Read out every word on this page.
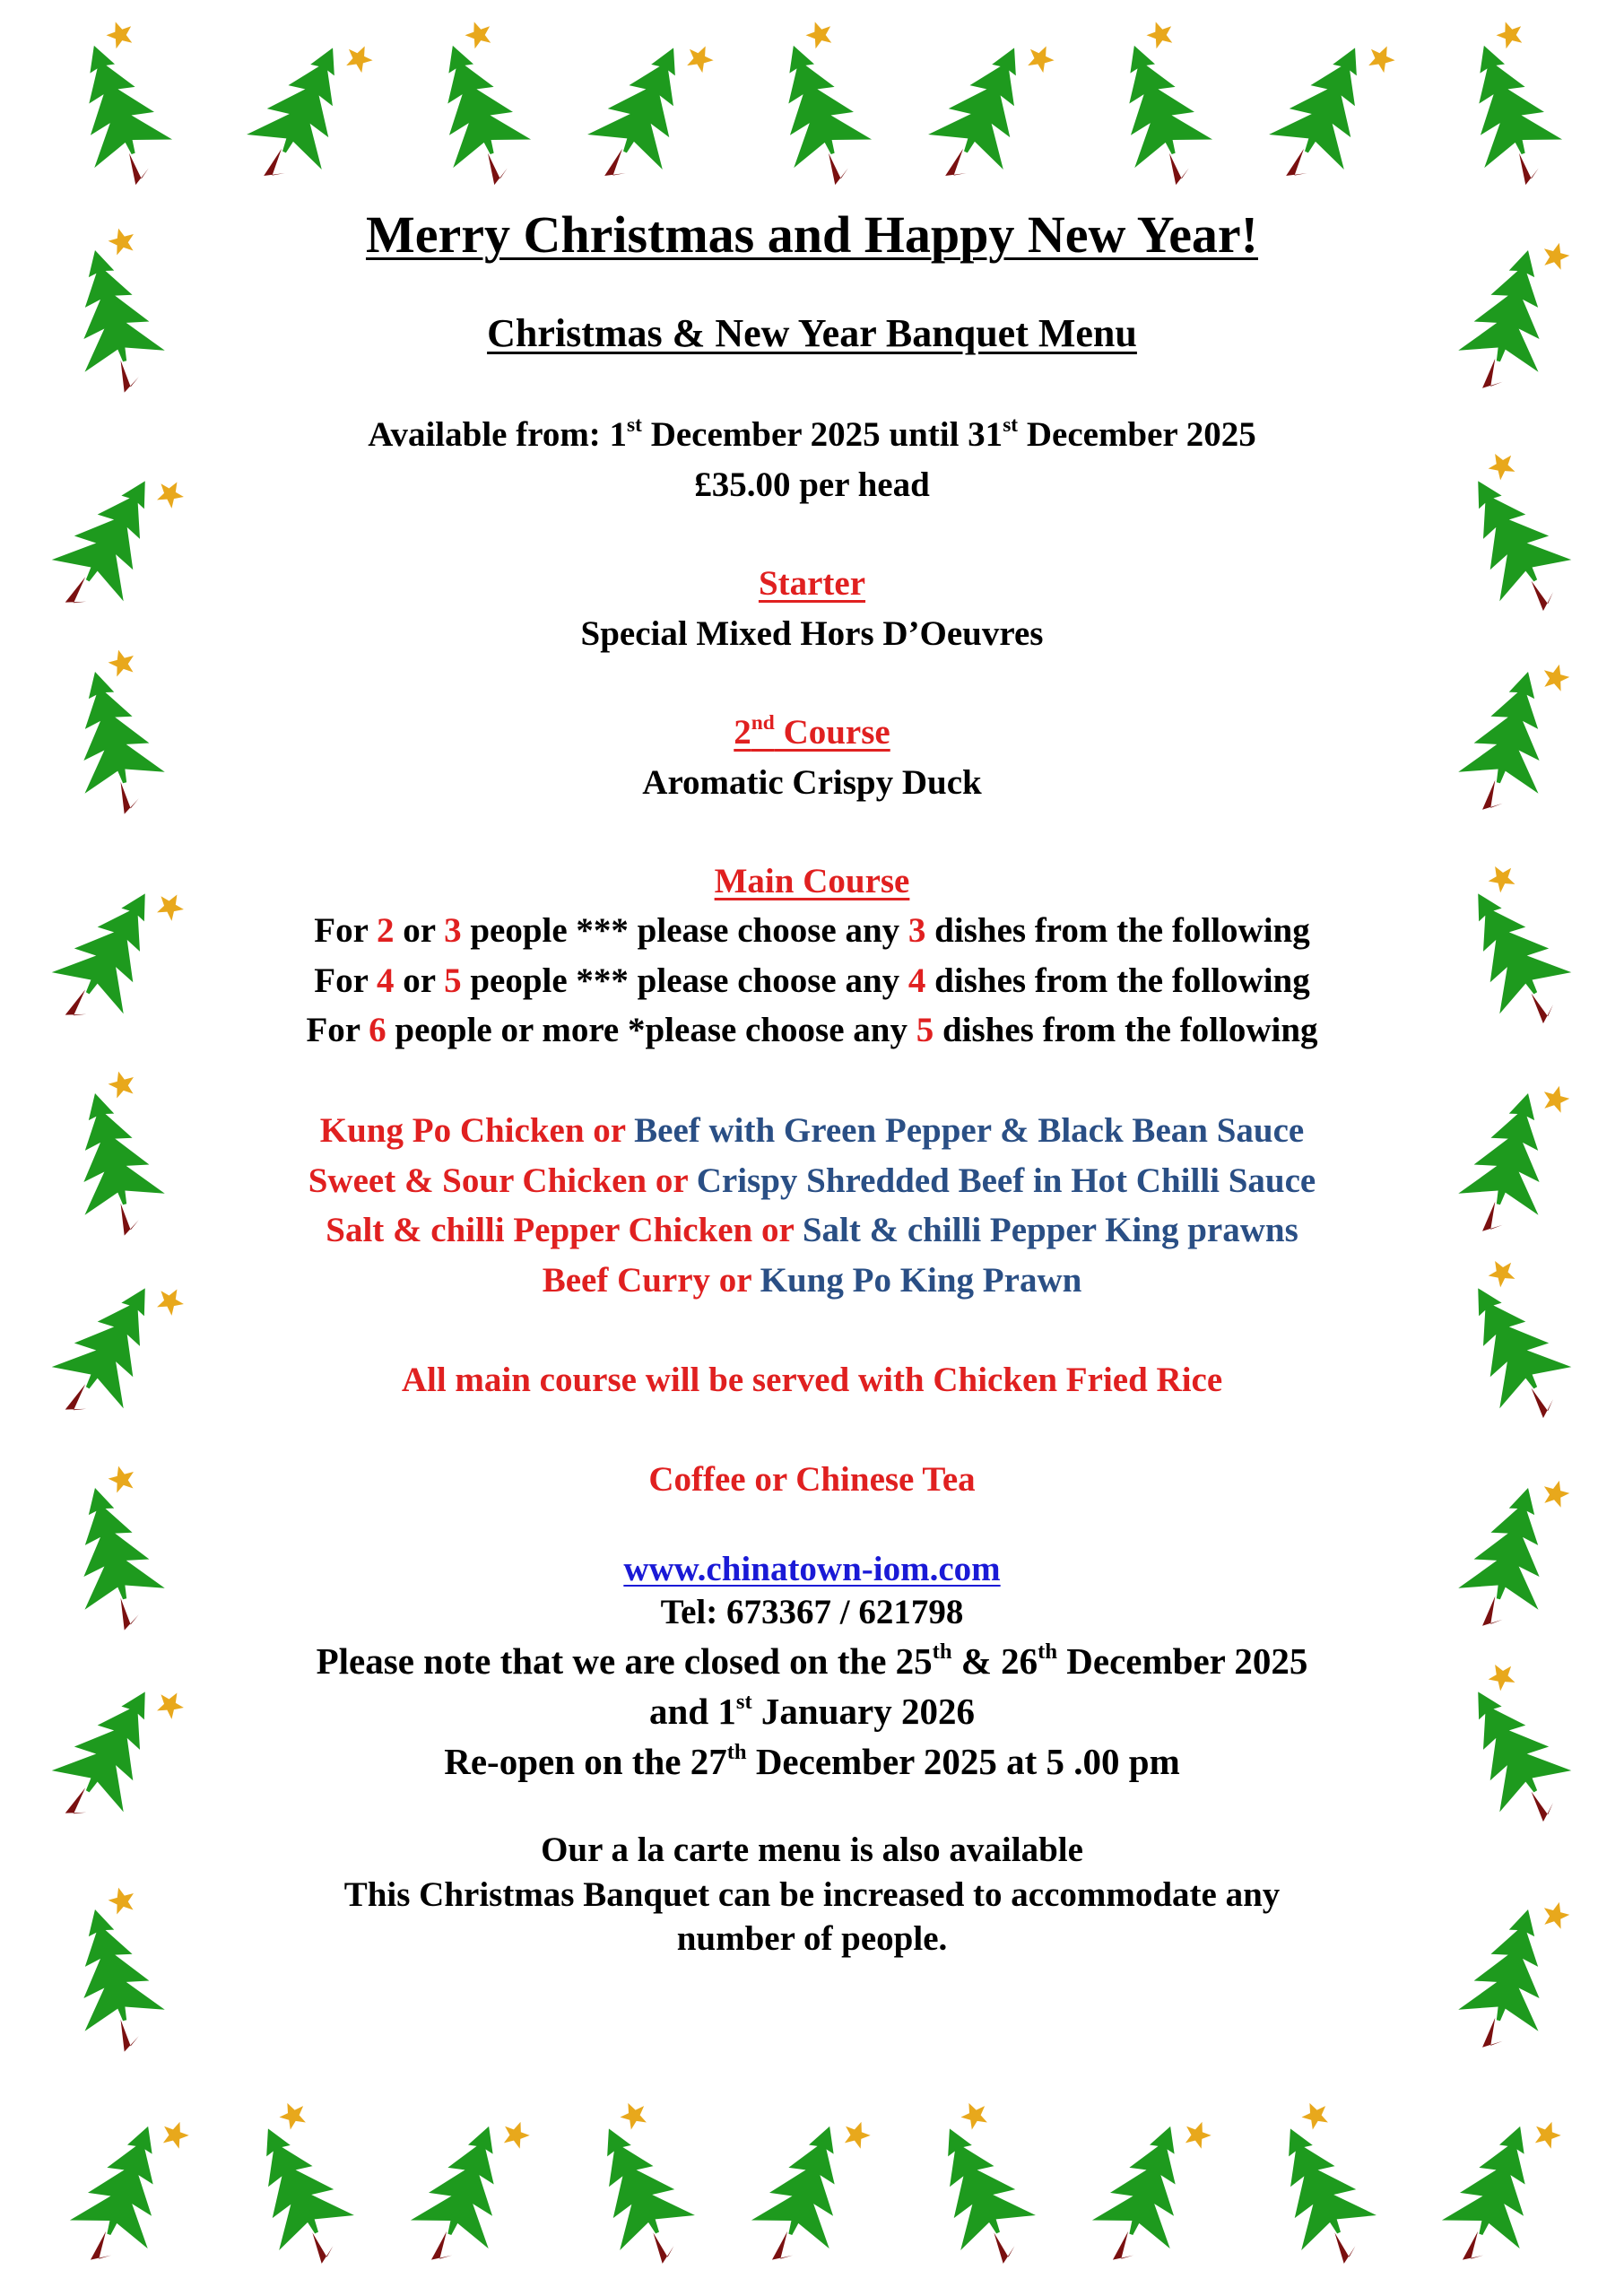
Merry Christmas and Happy New Year!
Christmas & New Year Banquet Menu
Available from: 1st December 2025 until 31st December 2025
£35.00 per head
Starter
Special Mixed Hors D’Oeuvres
2nd Course
Aromatic Crispy Duck
Main Course
For 2 or 3 people *** please choose any 3 dishes from the following
For 4 or 5 people *** please choose any 4 dishes from the following
For 6 people or more *please choose any 5 dishes from the following
Kung Po Chicken or Beef with Green Pepper & Black Bean Sauce
Sweet & Sour Chicken or Crispy Shredded Beef in Hot Chilli Sauce
Salt & chilli Pepper Chicken or Salt & chilli Pepper King prawns
Beef Curry or Kung Po King Prawn
All main course will be served with Chicken Fried Rice
Coffee or Chinese Tea
www.chinatown-iom.com
Tel: 673367 / 621798
Please note that we are closed on the 25th & 26th December 2025
and 1st January 2026
Re-open on the 27th December 2025 at 5 .00 pm
Our a la carte menu is also available
This Christmas Banquet can be increased to accommodate any
number of people.
